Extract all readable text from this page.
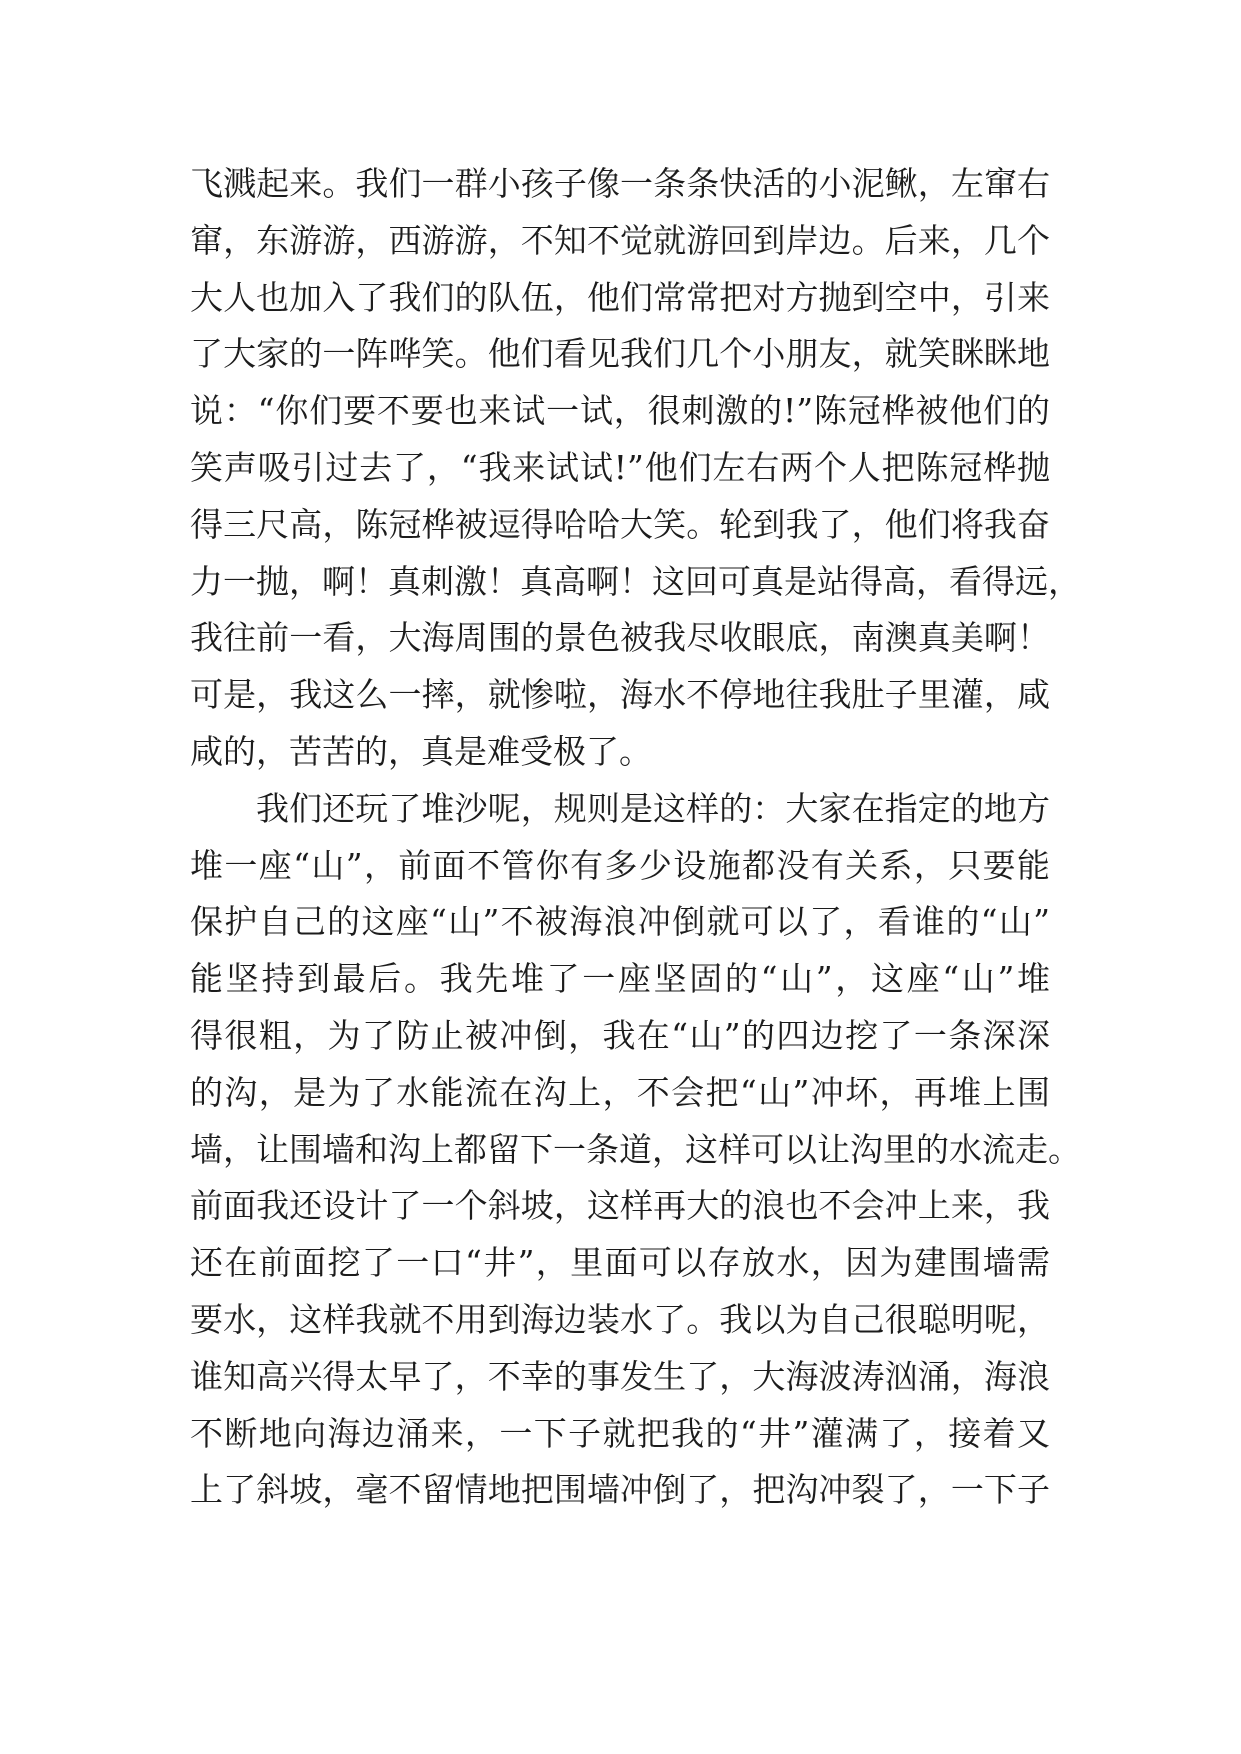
飞溅起来。我们一群小孩子像一条条快活的小泥鳅，左窜右
窜，东游游，西游游，不知不觉就游回到岸边。后来，几个
大人也加入了我们的队伍，他们常常把对方抛到空中，引来
了大家的一阵哗笑。他们看见我们几个小朋友，就笑眯眯地
说：“你们要不要也来试一试，很刺激的!”陈冠桦被他们的
笑声吸引过去了，“我来试试!”他们左右两个人把陈冠桦抛
得三尺高，陈冠桦被逗得哈哈大笑。轮到我了，他们将我奋
力一抛，啊！真刺激！真高啊！这回可真是站得高，看得远，
我往前一看，大海周围的景色被我尽收眼底，南澳真美啊！
可是，我这么一摔，就惨啦，海水不停地往我肚子里灌，咸
咸的，苦苦的，真是难受极了。
我们还玩了堆沙呢，规则是这样的：大家在指定的地方
堆一座“山”，前面不管你有多少设施都没有关系，只要能
保护自己的这座“山”不被海浪冲倒就可以了，看谁的“山”
能坚持到最后。我先堆了一座坚固的“山”，这座“山”堆
得很粗，为了防止被冲倒，我在“山”的四边挖了一条深深
的沟，是为了水能流在沟上，不会把“山”冲坏，再堆上围
墙，让围墙和沟上都留下一条道，这样可以让沟里的水流走。
前面我还设计了一个斜坡，这样再大的浪也不会冲上来，我
还在前面挖了一口“井”，里面可以存放水，因为建围墙需
要水，这样我就不用到海边装水了。我以为自己很聪明呢，
谁知高兴得太早了，不幸的事发生了，大海波涛汹涌，海浪
不断地向海边涌来，一下子就把我的“井”灌满了，接着又
上了斜坡，毫不留情地把围墙冲倒了，把沟冲裂了，一下子
